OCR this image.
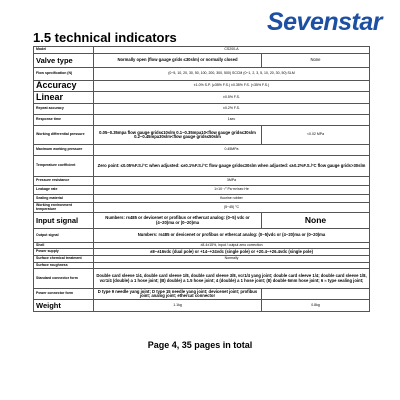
Sevenstar
1.5 technical indicators
Model	CS200-A	
Valve type	Normally open (flow gauge grids ≤30slm) or normally closed	None
Flow specification (N)	(0~5, 10, 20, 30, 50, 100, 200, 300, 500) SCCM (0~1, 2, 3, 5, 10, 20, 30, 50) SLM	
Accuracy	±1.0% S.P. (≥35% F.S.) ±0.35% F.S. (<35% F.S.)	
Linear	±0.5% F.S.	
Repeat accuracy	±0.2% F.S.	
Response time	1sec	
Working differential pressure	0.05~0.35mpa flow gauge grids≤10slm 0.1~0.35mpa10<flow gauge grids≤30slm 0.2~0.45mpa30slm<flow gauge grids≤50slm	<0.02 MPa
Maximum working pressure	0.45MPa	
Temperature coefficient	Zero point: ≤0.05%F.S./°C when adjusted: ≤±0.1%F.S./°C flow gauge grids≤30slm when adjusted: ≤±0.2%F.S./°C flow gauge grids>30slm	
Pressure resistance	3MPa	
Leakage rate	1×10⁻¹⁰ Pa·m³/sec He	
Sealing material	fluorine rubber	
Working environment temperature	(5~45) °C	
Input signal	Numbers: rs485 or devicenet or profibus or ethercat analog: (0~5) vdc or (4~20)ma or (0~20)ma	None
Output signal	Numbers: rs485 or devicenet or profibus or ethercat analog: (0~5)vdc or (4~20)ma or (0~20)ma	
Shell	±8.4±15%, input / output zero correction	
Power supply	±8~±16vdc (dual pole) or +14~+24vdc (single pole) or +20.4~+26.4vdc (single pole)	
Surface chemical treatment	Normally	
Surface roughness		
Standard connector form	Double card sleeve 1/4, double card sleeve 1/8, double card sleeve 3/8, vcr1/4 yang joint; double card sleeve 1/4; double card sleeve 1/8, vcr1/4 (double) a 1 hose joint; (B) double) a 1.5 hose joint; 4 (double) a 1 hose joint; (8) double 6mm hose joint; 6 ≈ type sealing joint;	
Power connector form	D type 9 needle yang joint; D type 15 needle yang joint; devicenet joint; profibus joint; analog joint; ethercat connector	
Weight	1.1kg	0.8kg
Page 4, 35 pages in total
